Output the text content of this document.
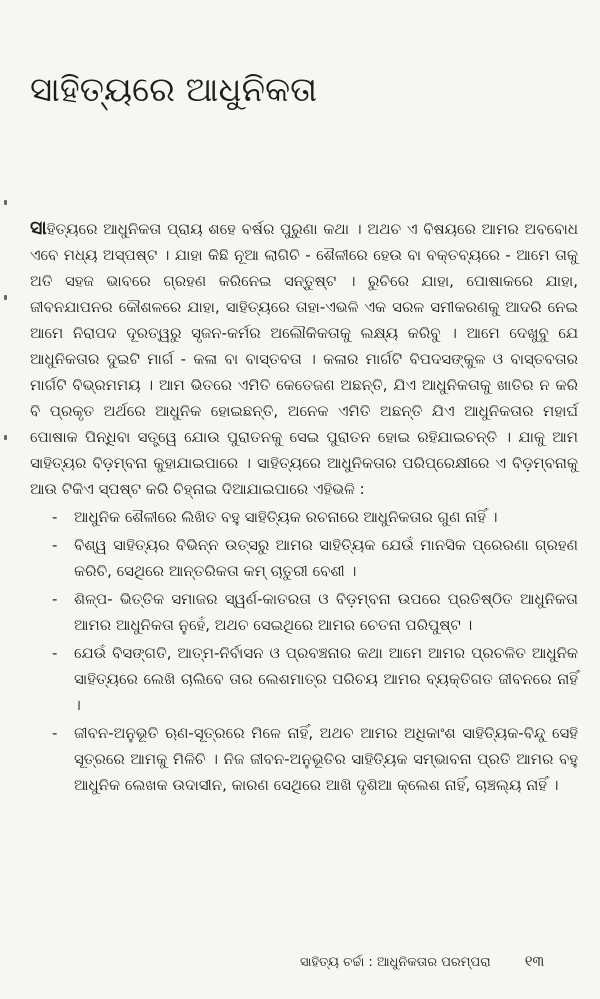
ସାହିତ୍ୟରେ ଆଧୁନିକତା

ସାହିତ୍ୟରେ ଆଧୁନିକତା ପ୍ରାୟ ଶହେ ବର୍ଷର ପୁରୁଣା କଥା । ଅଥଚ ଏ ବିଷୟରେ ଆମର ଅବବୋଧ ଏବେ ମଧ୍ୟ ଅସ୍ପଷ୍ଟ । ଯାହା କିଛି ନୂଆ ଲାଗିଚି - ଶୈଳୀରେ ହେଉ ବା ବକ୍ତବ୍ୟରେ - ଆମେ ତାକୁ ଅତି ସହଜ ଭାବରେ ଗ୍ରହଣ କରିନେଇ ସନ୍ତୁଷ୍ଟ । ରୁଚିରେ ଯାହା, ପୋଷାକରେ ଯାହା, ଜୀବନଯାପନର କୌଶଳରେ ଯାହା, ସାହିତ୍ୟରେ ତାହା-ଏଭଳି ଏକ ସରଳ ସମୀକରଣକୁ ଆଦରି ନେଇ ଆମେ ନିରାପଦ ଦୂରତ୍ୱରୁ ସୃଜନ-କର୍ମର ଅଲୌକିକତାକୁ ଲକ୍ଷ୍ୟ କରିବୁ । ଆମେ ଦେଖୁବୁ ଯେ ଆଧୁନିକତାର ଦୁଇଟି ମାର୍ଗ - କଳା ବା ବାସ୍ତବତା । କଳାର ମାର୍ଗଟି ବିପଦସଙ୍କୁଳ ଓ ବାସ୍ତବତାର ମାର୍ଗଟି ବିଭ୍ରମମୟ । ଆମ ଭିତରେ ଏମିତି କେତେଜଣ ଅଛନ୍ତି, ଯିଏ ଆଧୁନିକତାକୁ ଖାତିର ନ କରି ବି ପ୍ରକୃତ ଅର୍ଥରେ ଆଧୁନିକ ହୋଇଛନ୍ତି, ଅନେକ ଏମିତି ଅଛନ୍ତି ଯିଏ ଆଧୁନିକତାର ମହାର୍ଘ ପୋଷାକ ପିନ୍ଧିବା ସତ୍ତ୍ୱେ ଯୋଉ ପୁରାତନକୁ ସେଇ ପୁରାତନ ହୋଇ ରହିଯାଇଚନ୍ତି । ଯାକୁ ଆମ ସାହିତ୍ୟର ବିଡ଼ମ୍ବନା କୁହାଯାଇପାରେ । ସାହିତ୍ୟରେ ଆଧୁନିକତାର ପରିପ୍ରେକ୍ଷୀରେ ଏ ବିଡ଼ମ୍ବନାକୁ ଆଉ ଟିକିଏ ସ୍ପଷ୍ଟ କରି ଚିହ୍ନାଇ ଦିଆଯାଇପାରେ ଏହିଭଳି :

- ଆଧୁନିକ ଶୈଳୀରେ ଲିଖିତ ବହୁ ସାହିତ୍ୟିକ ରଚନାରେ ଆଧୁନିକତାର ଗୁଣ ନାହିଁ ।
- ବିଶ୍ୱ ସାହିତ୍ୟର ବିଭିନ୍ନ ଉତ୍ସରୁ ଆମର ସାହିତ୍ୟିକ ଯେଉଁ ମାନସିକ ପ୍ରେରଣା ଗ୍ରହଣ କରିଚି, ସେଥିରେ ଆନ୍ତରିକତା କମ୍ ଚାତୁରୀ ବେଶୀ ।
- ଶିଳ୍ପ- ଭିତ୍ତିକ ସମାଜର ସ୍ୱର୍ଣ-କାତରତା ଓ ବିଡ଼ମ୍ବନା ଉପରେ ପ୍ରତିଷ୍ଠିତ ଆଧୁନିକତା ଆମର ଆଧୁନିକତା ନୁହେଁ, ଅଥଚ ସେଇଥିରେ ଆମର ଚେତନା ପରିପୁଷ୍ଟ ।
- ଯେଉଁ ବିସଙ୍ଗତି, ଆତ୍ମ-ନିର୍ବାସନ ଓ ପ୍ରବଞ୍ଚନାର କଥା ଆମେ ଆମର ପ୍ରଚଳିତ ଆଧୁନିକ ସାହିତ୍ୟରେ ଲେଖି ଚାଲିବେ ତାର ଲେଶମାତ୍ର ପରିଚୟ ଆମର ବ୍ୟକ୍ତିଗତ ଜୀବନରେ ନାହିଁ ।
- ଜୀବନ-ଅନୁଭୂତି ଋଣ-ସୂତ୍ରରେ ମିଳେ ନାହିଁ, ଅଥଚ ଆମର ଅଧିକାଂଶ ସାହିତ୍ୟିକ-ବିନ୍ଦୁ ସେହି ସୂତ୍ରରେ ଆମକୁ ମିଳିଚି । ନିଜ ଜୀବନ-ଅନୁଭୂତିର ସାହିତ୍ୟିକ ସମ୍ଭାବନା ପ୍ରତି ଆମର ବହୁ ଆଧୁନିକ ଲେଖକ ଉଦାସୀନ, କାରଣ ସେଥିରେ ଆଖି ଦୃଶିଆ କ୍ଲେଶ ନାହିଁ, ଚାଞ୍ଚଲ୍ୟ ନାହିଁ ।
ସାହିତ୍ୟ ଚର୍ଚ୍ଚା : ଆଧୁନିକତାର ପରମ୍ପରା ୧୩
